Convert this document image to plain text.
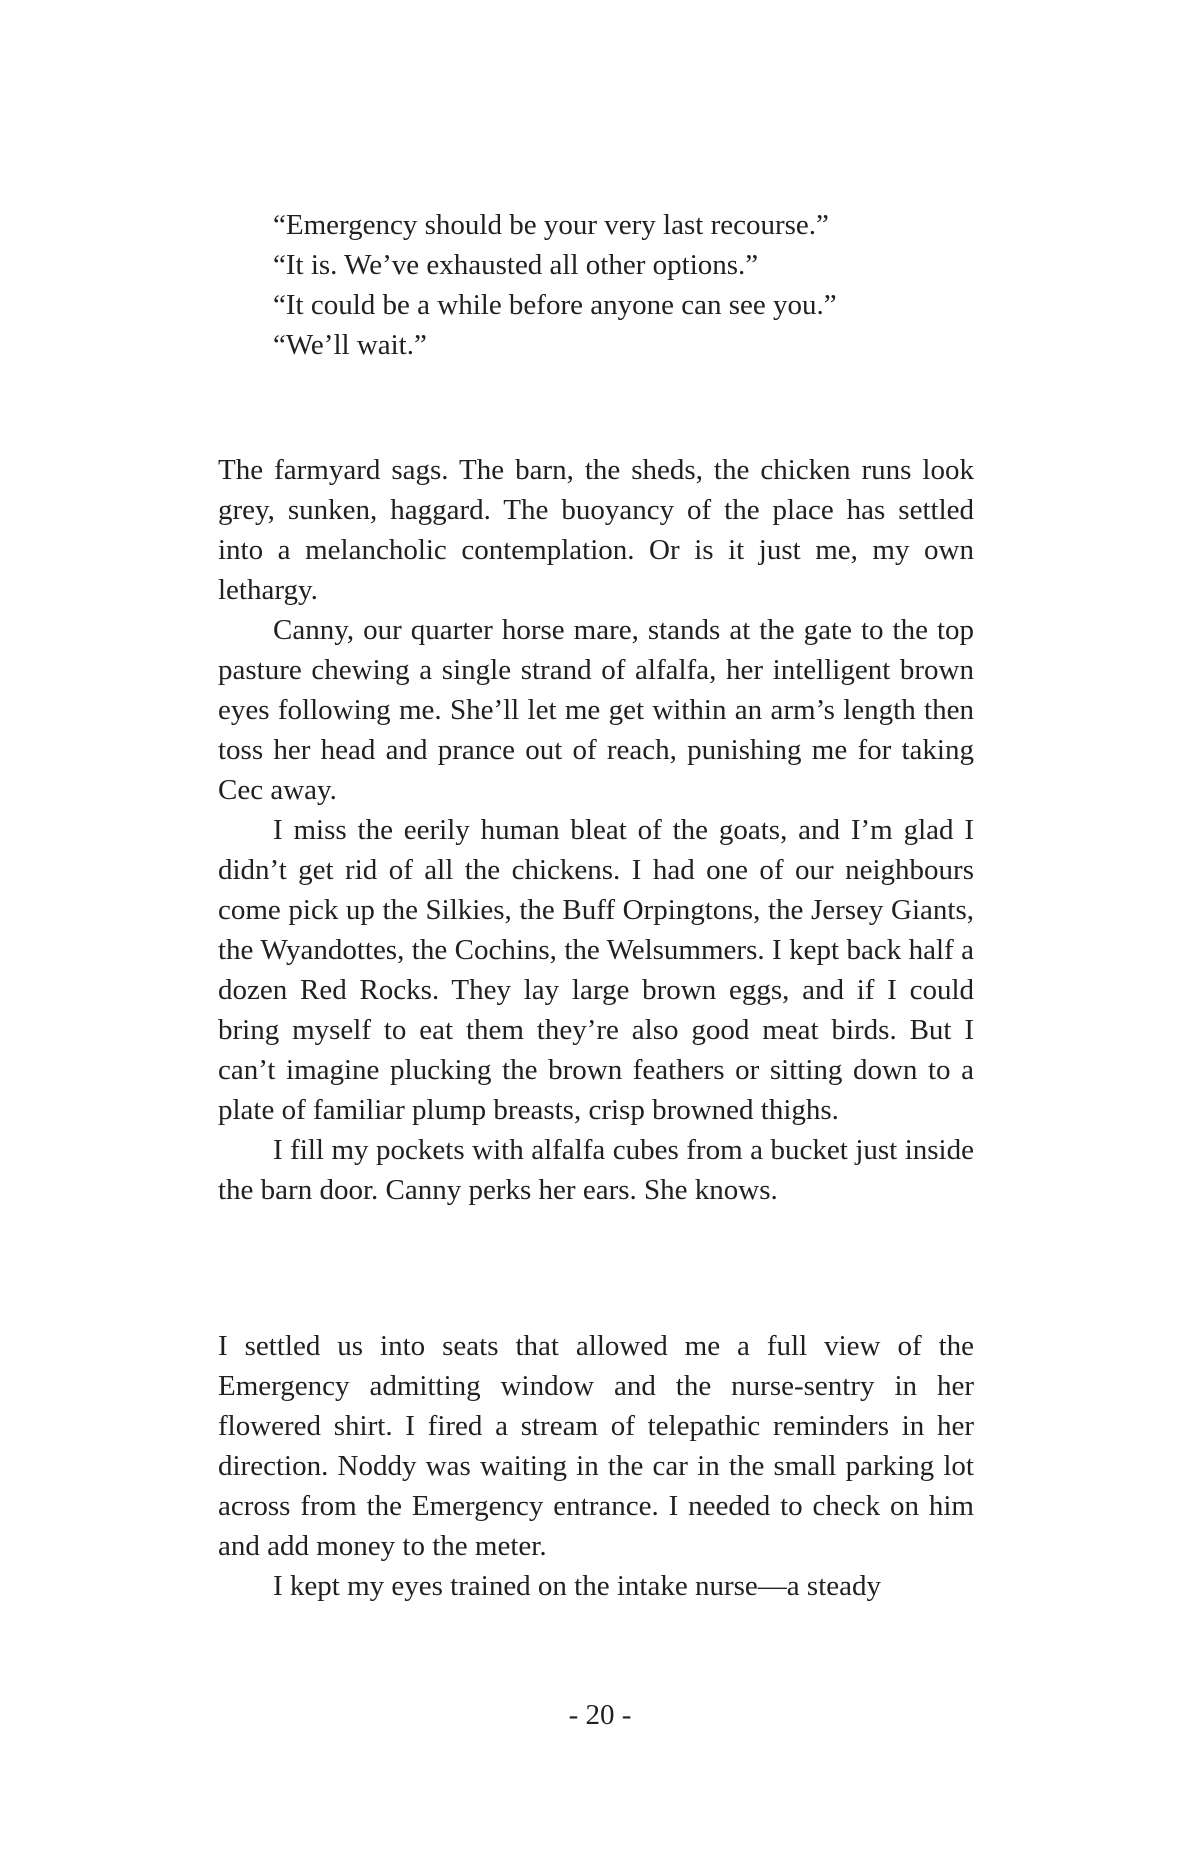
“Emergency should be your very last recourse.”

“It is. We’ve exhausted all other options.”

“It could be a while before anyone can see you.”

“We’ll wait.”

The farmyard sags. The barn, the sheds, the chicken runs look grey, sunken, haggard. The buoyancy of the place has settled into a melancholic contemplation. Or is it just me, my own lethargy.

Canny, our quarter horse mare, stands at the gate to the top pasture chewing a single strand of alfalfa, her intelligent brown eyes following me. She’ll let me get within an arm’s length then toss her head and prance out of reach, punishing me for taking Cec away.

I miss the eerily human bleat of the goats, and I’m glad I didn’t get rid of all the chickens. I had one of our neighbours come pick up the Silkies, the Buff Orpingtons, the Jersey Giants, the Wyandottes, the Cochins, the Welsummers. I kept back half a dozen Red Rocks. They lay large brown eggs, and if I could bring myself to eat them they’re also good meat birds. But I can’t imagine plucking the brown feathers or sitting down to a plate of familiar plump breasts, crisp browned thighs.

I fill my pockets with alfalfa cubes from a bucket just inside the barn door. Canny perks her ears. She knows.

I settled us into seats that allowed me a full view of the Emergency admitting window and the nurse-sentry in her flowered shirt. I fired a stream of telepathic reminders in her direction. Noddy was waiting in the car in the small parking lot across from the Emergency entrance. I needed to check on him and add money to the meter.

I kept my eyes trained on the intake nurse—a steady

- 20 -
